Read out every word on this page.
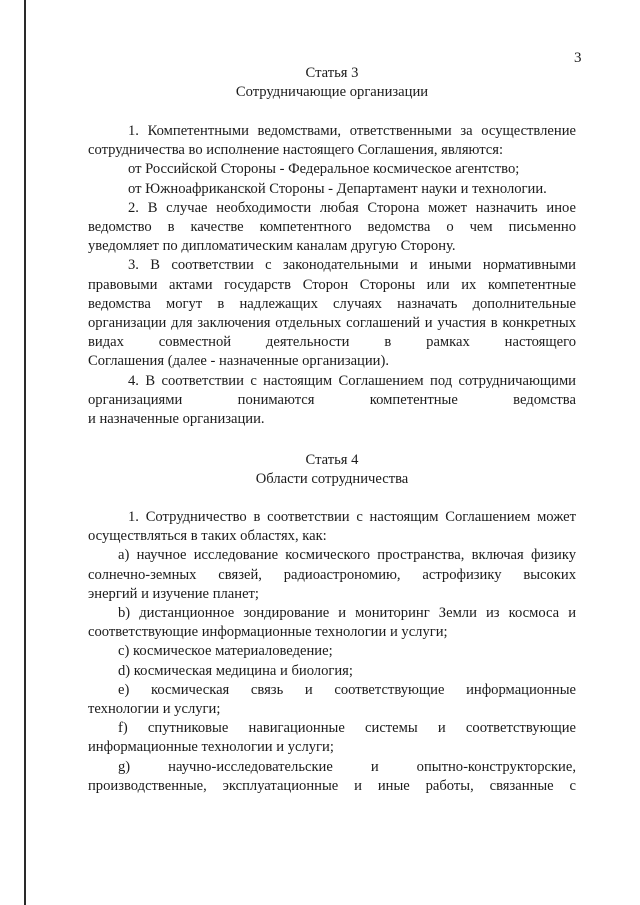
3

Статья 3

Сотрудничающие организации

1. Компетентными ведомствами, ответственными за осуществление

сотрудничества во исполнение настоящего Соглашения, являются:

от Российской Стороны - Федеральное космическое агентство;

от Южноафриканской Стороны - Департамент науки и технологии.

2. В случае необходимости любая Сторона может назначить иное ведомство в качестве компетентного ведомства о чем письменно

уведомляет по дипломатическим каналам другую Сторону.

3. В соответствии с законодательными и иными нормативными правовыми актами государств Сторон Стороны или их компетентные ведомства могут в надлежащих случаях назначать дополнительные организации для заключения отдельных соглашений и участия в конкретных видах совместной деятельности в рамках настоящего

Соглашения (далее - назначенные организации).

4. В соответствии с настоящим Соглашением под сотрудничающими организациями понимаются компетентные ведомства

и назначенные организации.

Статья 4

Области сотрудничества

1. Сотрудничество в соответствии с настоящим Соглашением может

осуществляться в таких областях, как:

а) научное исследование космического пространства, включая физику солнечно-земных связей, радиоастрономию, астрофизику высоких

энергий и изучение планет;

b) дистанционное зондирование и мониторинг Земли из космоса и

соответствующие информационные технологии и услуги;

c) космическое материаловедение;

d) космическая медицина и биология;

e) космическая связь и соответствующие информационные

технологии и услуги;

f) спутниковые навигационные системы и соответствующие

информационные технологии и услуги;

g) научно-исследовательские и опытно-конструкторские,

производственные, эксплуатационные и иные работы, связанные с
